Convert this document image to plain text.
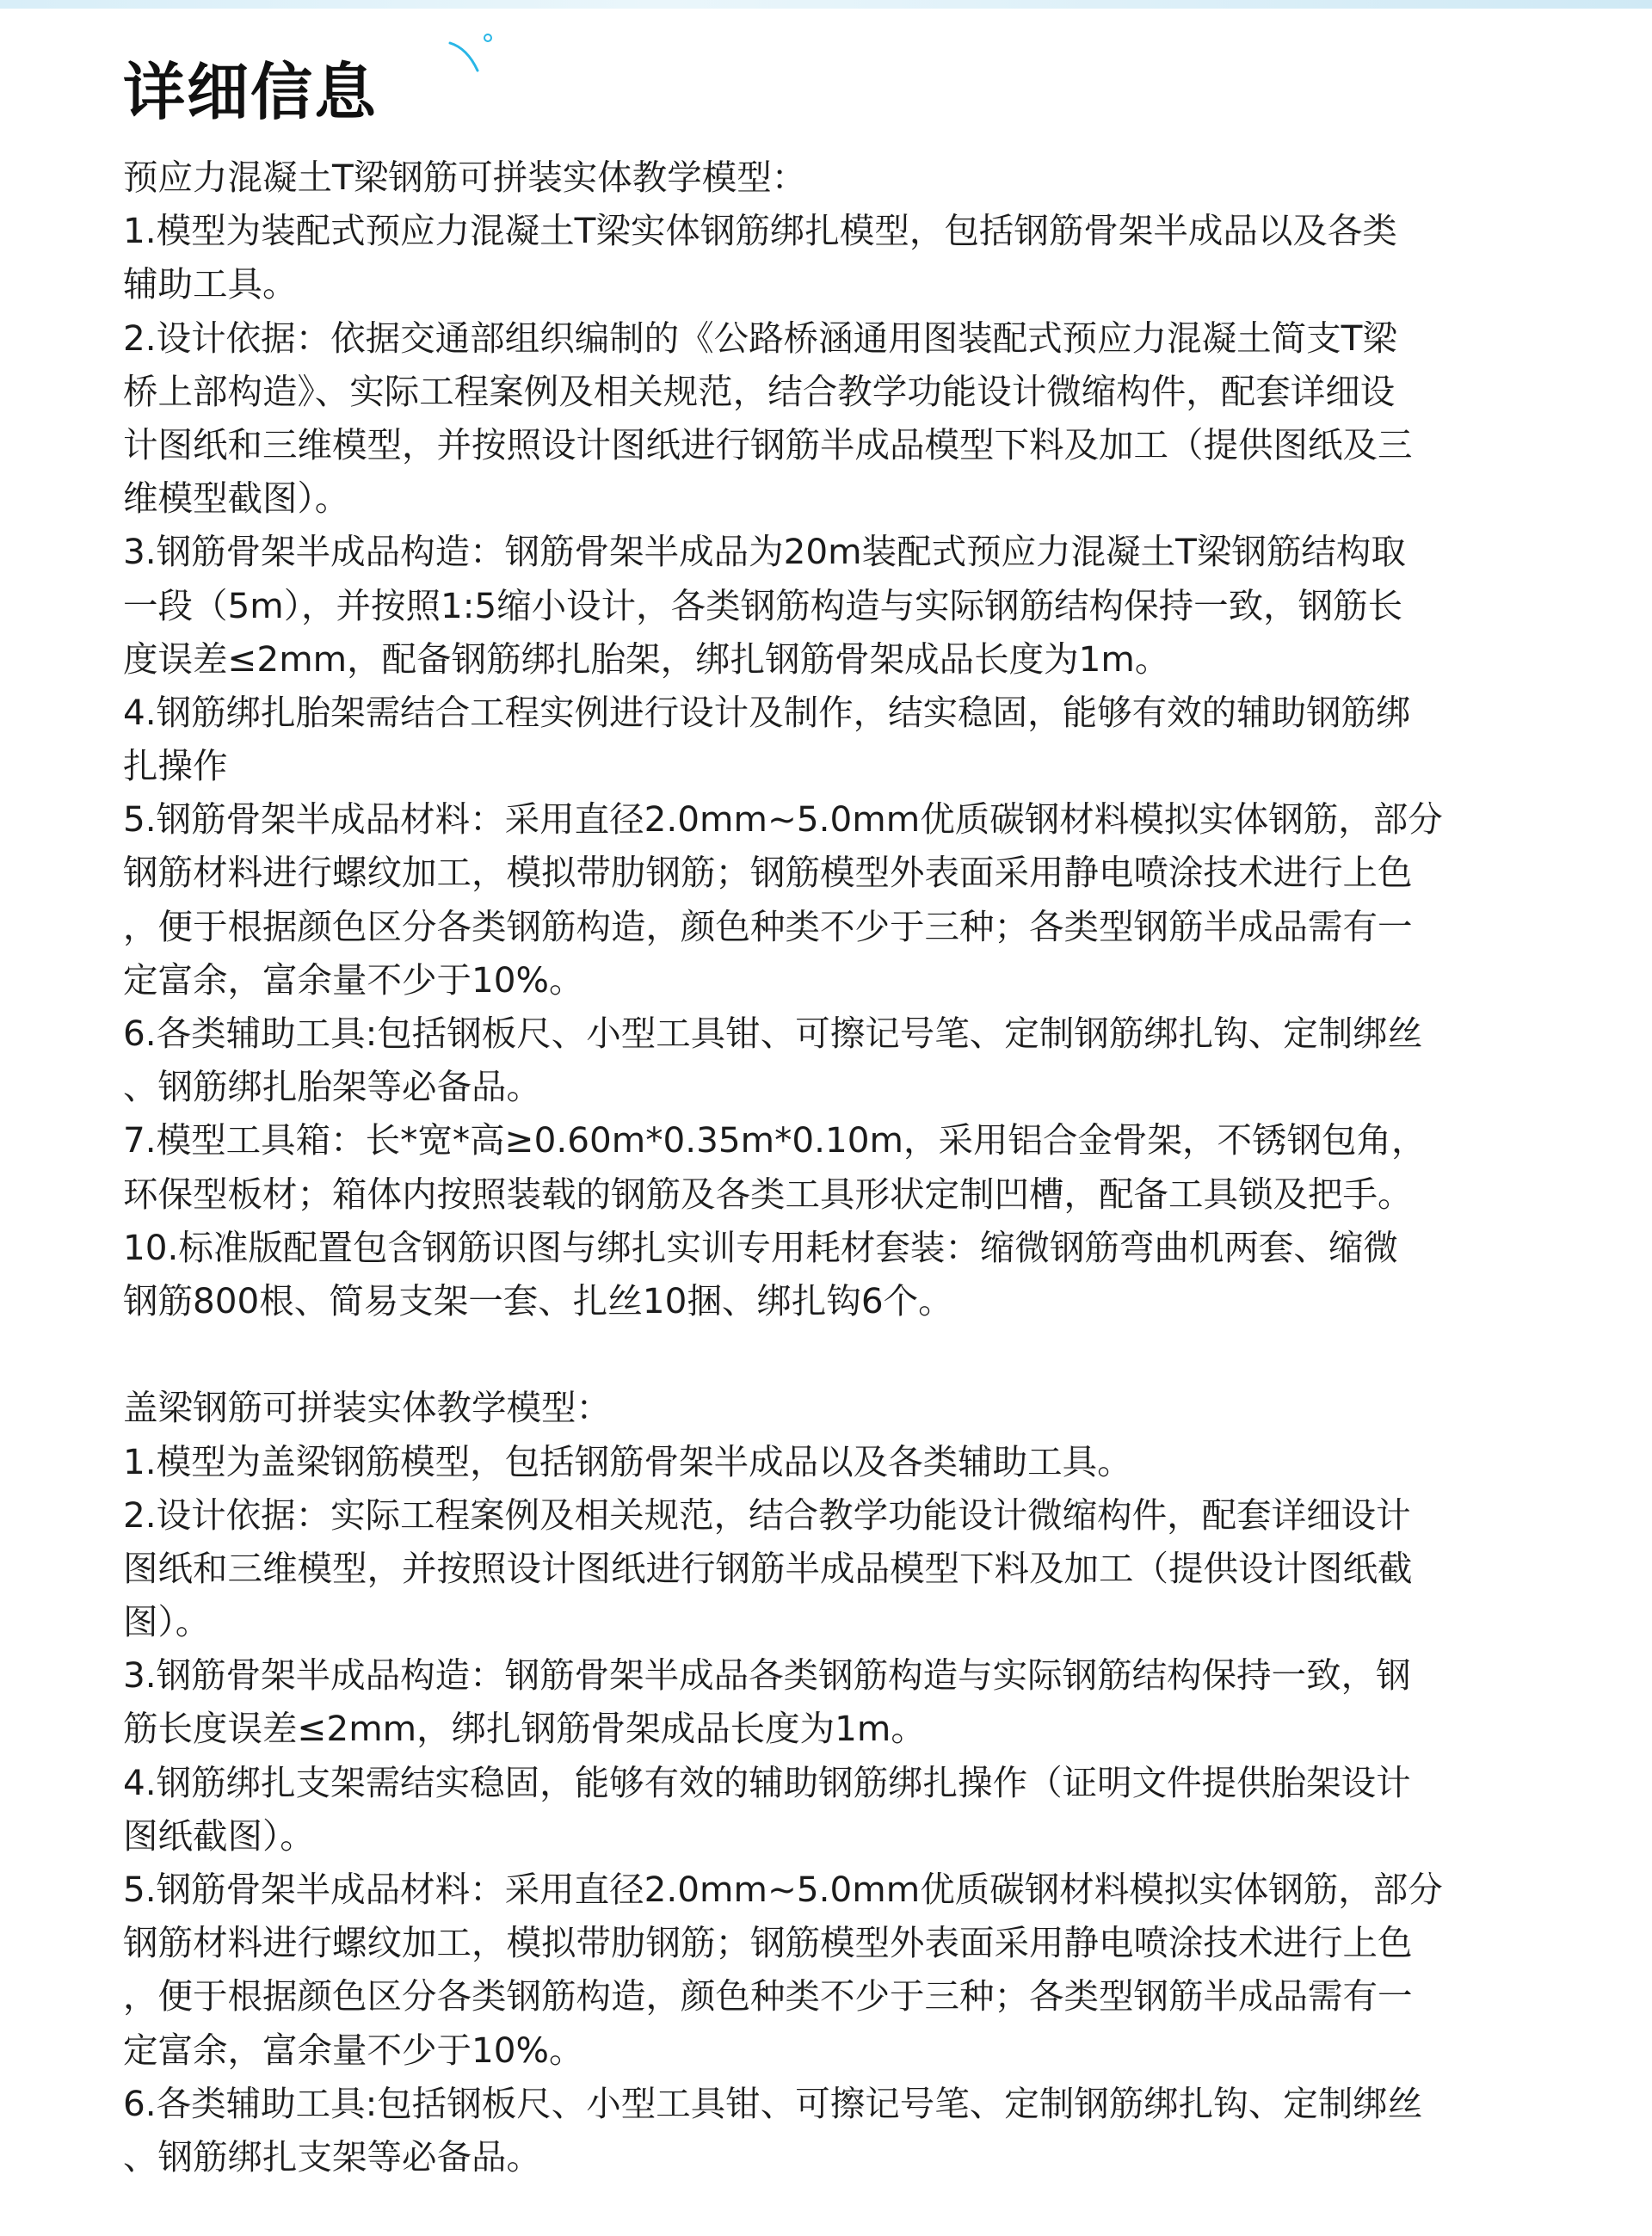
详细信息
预应力混凝土T梁钢筋可拼装实体教学模型：
1.模型为装配式预应力混凝土T梁实体钢筋绑扎模型，包括钢筋骨架半成品以及各类
辅助工具。
2.设计依据：依据交通部组织编制的《公路桥涵通用图装配式预应力混凝土简支T梁
桥上部构造》、实际工程案例及相关规范，结合教学功能设计微缩构件，配套详细设
计图纸和三维模型，并按照设计图纸进行钢筋半成品模型下料及加工（提供图纸及三
维模型截图）。
3.钢筋骨架半成品构造：钢筋骨架半成品为20m装配式预应力混凝土T梁钢筋结构取
一段（5m），并按照1:5缩小设计，各类钢筋构造与实际钢筋结构保持一致，钢筋长
度误差≤2mm，配备钢筋绑扎胎架，绑扎钢筋骨架成品长度为1m。
4.钢筋绑扎胎架需结合工程实例进行设计及制作，结实稳固，能够有效的辅助钢筋绑
扎操作
5.钢筋骨架半成品材料：采用直径2.0mm~5.0mm优质碳钢材料模拟实体钢筋，部分
钢筋材料进行螺纹加工，模拟带肋钢筋；钢筋模型外表面采用静电喷涂技术进行上色
，便于根据颜色区分各类钢筋构造，颜色种类不少于三种；各类型钢筋半成品需有一
定富余，富余量不少于10%。
6.各类辅助工具:包括钢板尺、小型工具钳、可擦记号笔、定制钢筋绑扎钩、定制绑丝
、钢筋绑扎胎架等必备品。
7.模型工具箱：长*宽*高≥0.60m*0.35m*0.10m，采用铝合金骨架，不锈钢包角，
环保型板材；箱体内按照装载的钢筋及各类工具形状定制凹槽，配备工具锁及把手。
10.标准版配置包含钢筋识图与绑扎实训专用耗材套装：缩微钢筋弯曲机两套、缩微
钢筋800根、简易支架一套、扎丝10捆、绑扎钩6个。
盖梁钢筋可拼装实体教学模型：
1.模型为盖梁钢筋模型，包括钢筋骨架半成品以及各类辅助工具。
2.设计依据：实际工程案例及相关规范，结合教学功能设计微缩构件，配套详细设计
图纸和三维模型，并按照设计图纸进行钢筋半成品模型下料及加工（提供设计图纸截
图）。
3.钢筋骨架半成品构造：钢筋骨架半成品各类钢筋构造与实际钢筋结构保持一致，钢
筋长度误差≤2mm，绑扎钢筋骨架成品长度为1m。
4.钢筋绑扎支架需结实稳固，能够有效的辅助钢筋绑扎操作（证明文件提供胎架设计
图纸截图）。
5.钢筋骨架半成品材料：采用直径2.0mm~5.0mm优质碳钢材料模拟实体钢筋，部分
钢筋材料进行螺纹加工，模拟带肋钢筋；钢筋模型外表面采用静电喷涂技术进行上色
，便于根据颜色区分各类钢筋构造，颜色种类不少于三种；各类型钢筋半成品需有一
定富余，富余量不少于10%。
6.各类辅助工具:包括钢板尺、小型工具钳、可擦记号笔、定制钢筋绑扎钩、定制绑丝
、钢筋绑扎支架等必备品。
